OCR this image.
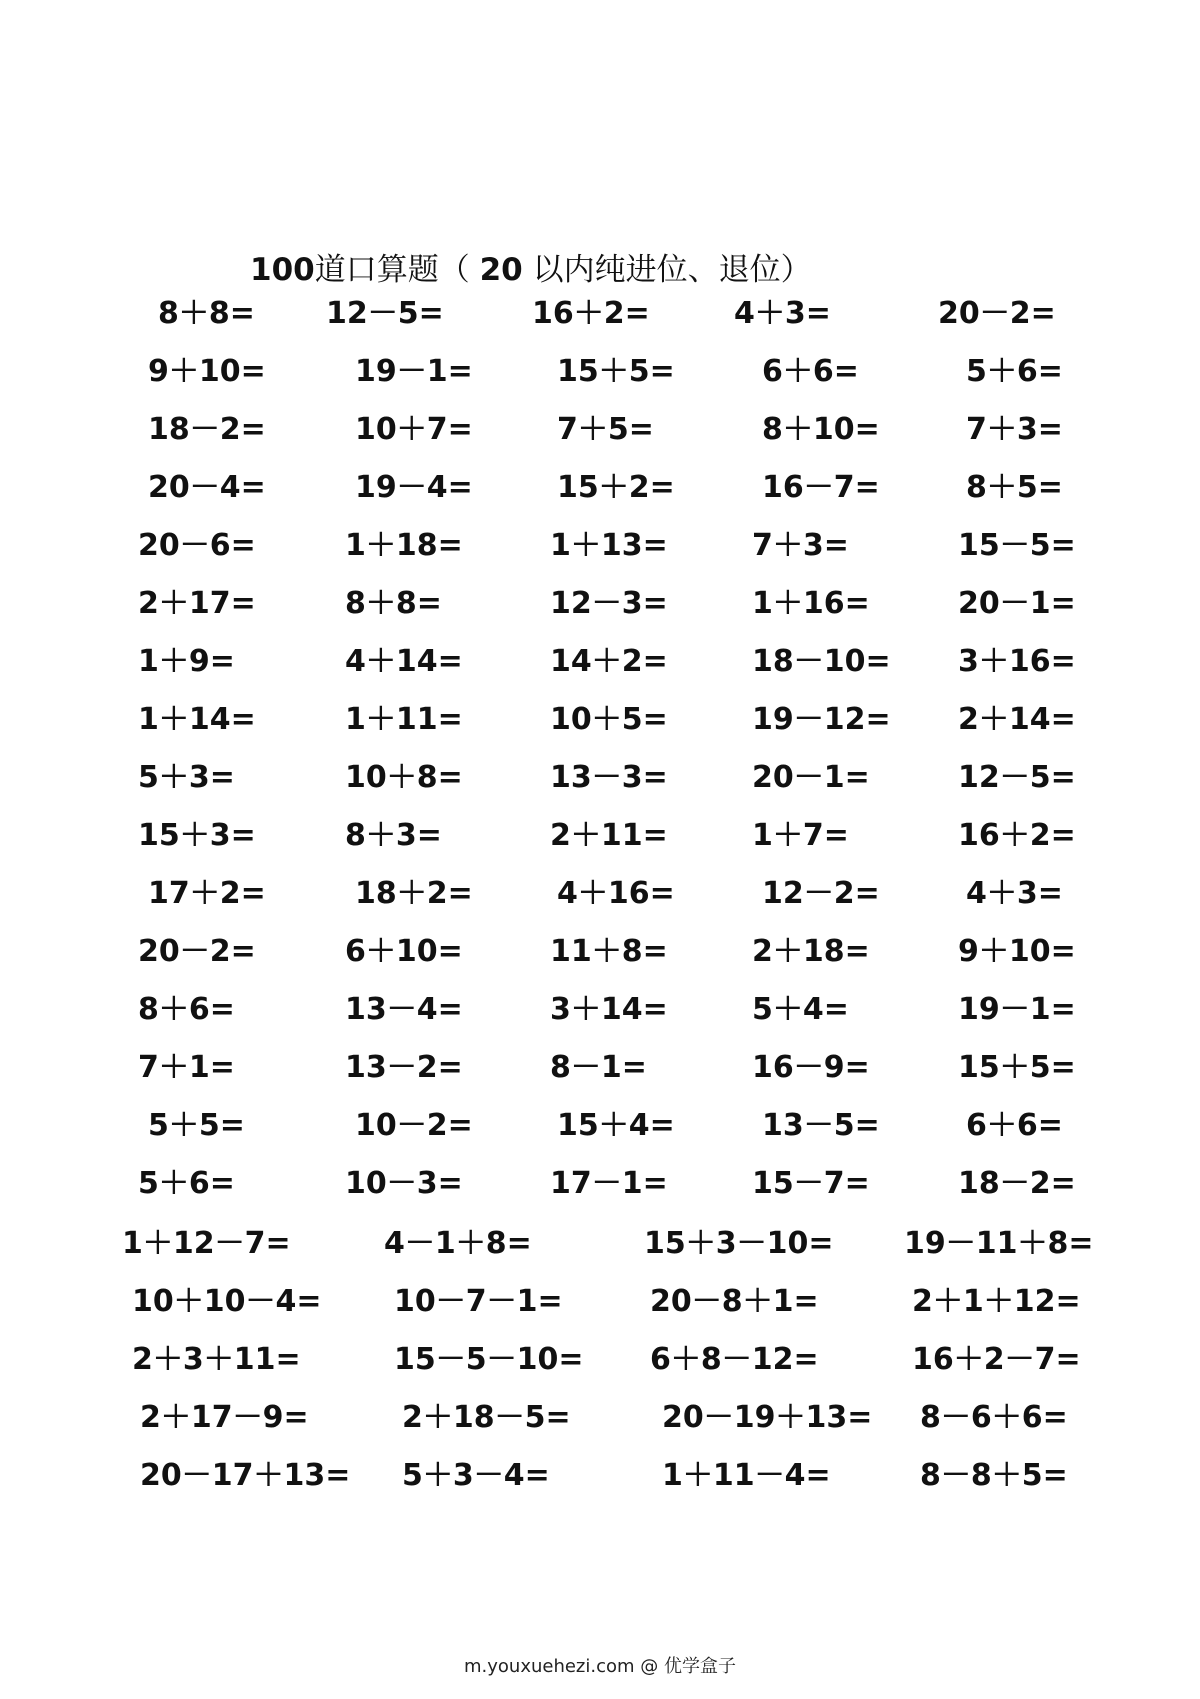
100道口算题（ 20 以内纯进位、退位）
8＋8= 12－5=	16＋2=	4＋3=	20－2=
9＋10=	19－1=	15＋5=	6＋6=	5＋6=
18－2=	10＋7=	7＋5=	8＋10=	7＋3=
20－4=	19－4=	15＋2=	16－7=	8＋5=
20－6=	1＋18=	1＋13=	7＋3=	15－5=
2＋17=	8＋8=	12－3=	1＋16=	20－1=
1＋9=	4＋14=	14＋2=	18－10= 3＋16=
1＋14=	1＋11=	10＋5=	19－12= 2＋14=
5＋3=	10＋8=	13－3=	20－1=	12－5=
15＋3=	8＋3=	2＋11=	1＋7=	16＋2=
17＋2=	18＋2=	4＋16=	12－2=	4＋3=
20－2=	6＋10=	11＋8=	2＋18=	9＋10=
8＋6=	13－4=	3＋14=	5＋4=	19－1=
7＋1=	13－2=	8－1=	16－9=	15＋5=
5＋5=	10－2=	15＋4=	13－5=	6＋6=
5＋6=	10－3=	17－1=	15－7=	18－2=
1＋12－7=	4－1＋8=	15＋3－10= 19－11＋8=
10＋10－4= 10－7－1=	20－8＋1=	2＋1＋12=
2＋3＋11=	15－5－10= 6＋8－12=	16＋2－7=
2＋17－9=	2＋18－5=	20－19＋13= 8－6＋6=
20－17＋13= 5＋3－4=	1＋11－4=	8－8＋5=
m.youxuehezi.com @ 优学盒子
